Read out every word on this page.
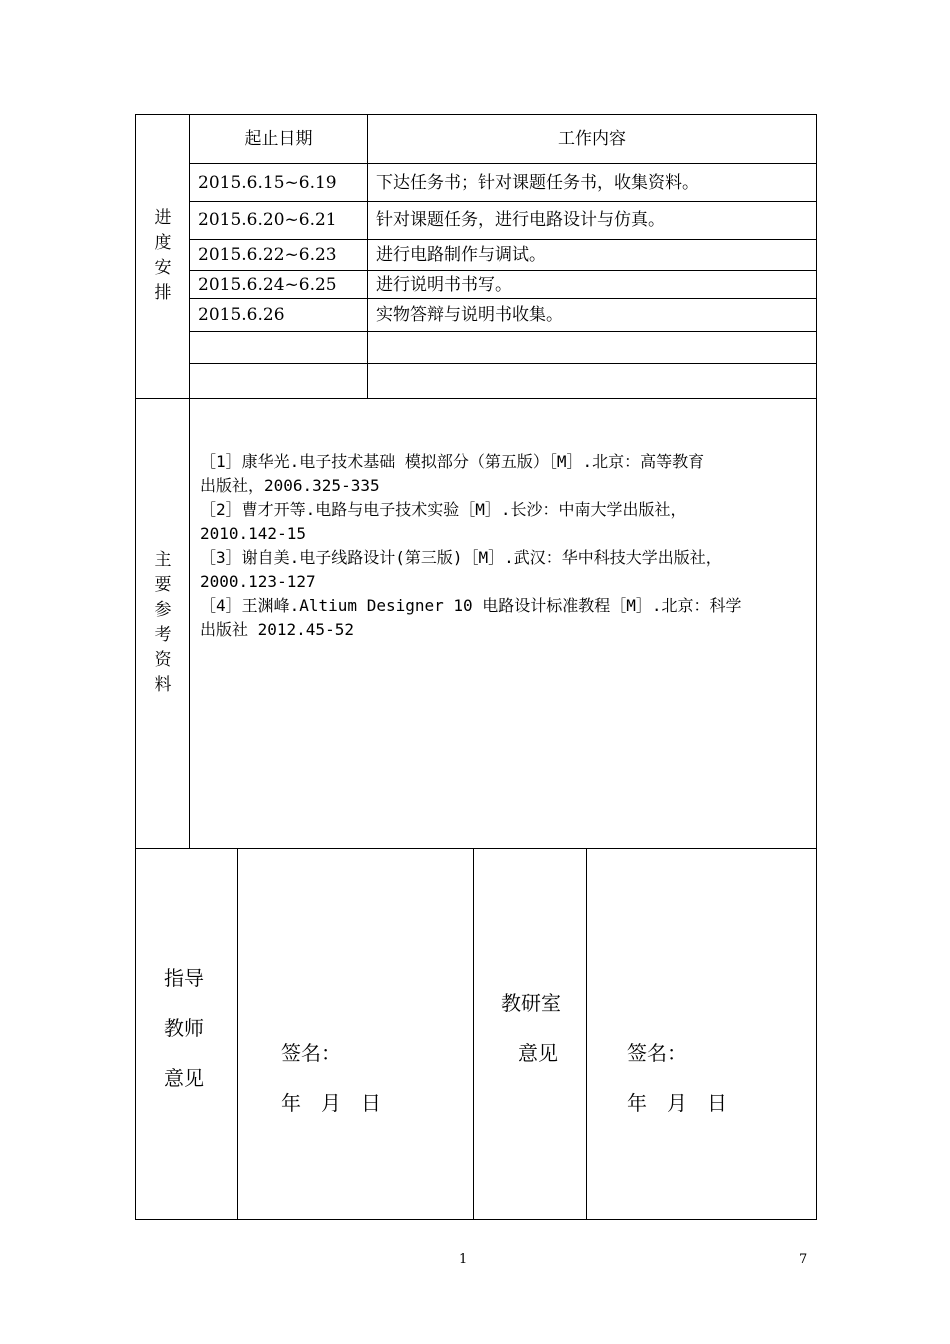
进度安排
起止日期	工作内容
2015.6.15~6.19 下达任务书；针对课题任务书，收集资料。
2015.6.20~6.21 针对课题任务，进行电路设计与仿真。
2015.6.22~6.23 进行电路制作与调试。
2015.6.24~6.25 进行说明书书写。
2015.6.26	实物答辩与说明书收集。
主要参考资料
［1］康华光.电子技术基础 模拟部分（第五版）［M］.北京：高等教育
出版社，2006.325-335
［2］曹才开等.电路与电子技术实验［M］.长沙：中南大学出版社，
2010.142-15
［3］谢自美.电子线路设计(第三版)［M］.武汉：华中科技大学出版社，
2000.123-127
［4］王渊峰.Altium Designer 10 电路设计标准教程［M］.北京：科学
出版社 2012.45-52
指导
教师
意见
签名：
年　月　日
教研室
意见	签名：
年　月　日
1	7
